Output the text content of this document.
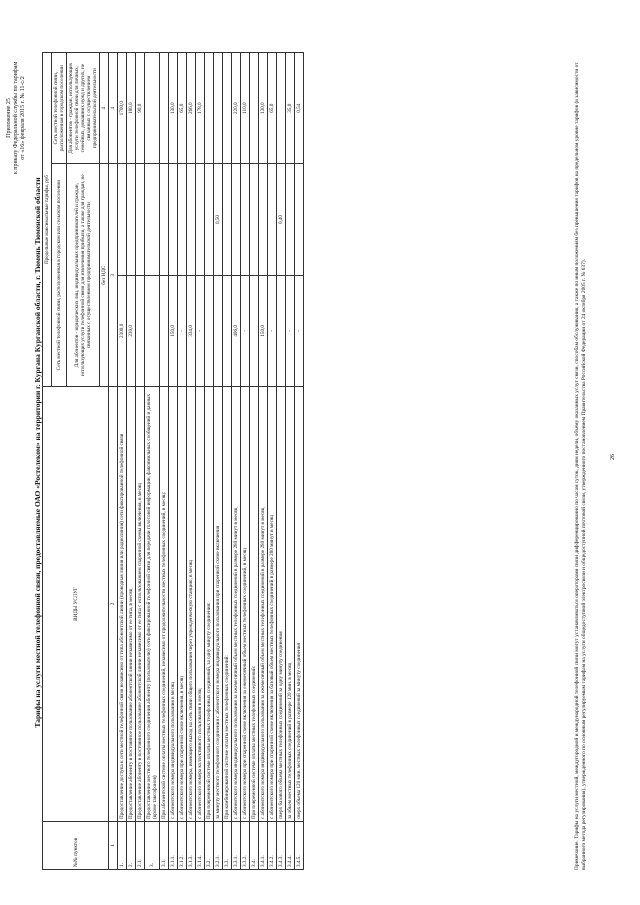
Приложение 25 к приказу Федеральной службы по тарифам от «16» февраля 2015 г. № 11-с/2
Тарифы на услуги местной телефонной связи, предоставляемые ОАО «Ростелеком» на территории г. Кургана Курганской области, г. Тюмень Тюменской области
№№ пунктов	ВИДЫ УСЛУГ	Предельные максимальные тарифы, руб		
		Сеть местной телефонной связи, расположенная в городском или сельском поселении		Сеть местной телефонной связи, расположенная в городском поселении
		Для абонентов - юридических лиц, индивидуальных предпринимателей и граждан, использующих услуги телефонной связи для извлечения прибыли, а также для граждан, не связанных с осуществлением предпринимательской деятельности		Для абонентов - граждан, использующих услуги телефонной связи для личных, семейных, домашних нужд и других, не связанных с осуществлением предпринимательской деятельности
		без НДС		4
1	2	3		4
1.	Предоставление доступа к сети местной телефонной связи независимо от типа абонентской линии (проводная линия или радиолиния) сети фиксированной телефонной связи	2300,0		1700,0
2.	Предоставление абоненту в постоянное пользование абонентской линии независимо от ее типа, в месяц	230,0		180,0
2.1.	Предоставление абоненту в постоянное пользование абонентской линии независимо от ее типа с использованием спаренной схемы включения, в месяц			90,0
3.	Предоставление местного телефонного соединения абоненту (пользователю) сети фиксированной телефонной связи для передачи голосовой информации, факсимильных сообщений и данных (кроме таксофонов)			
3.1.	При абонентской системе оплаты местных телефонных соединений, независимо от продолжительности местных телефонных соединений, в месяц:			
3.1.1.	с абонентского номера индивидуального пользования в месяц	150,0		130,0
3.1.2.	с абонентского номера при спаренной схеме включения, в месяц	-		65,0
3.1.3.	с абонентского номера, имеющего выход на сеть связи общего пользования через учрежденческую станцию, в месяц	334,0		266,0
3.1.4.	с абонентского номера коллективного пользования в месяц	-		178,0
3.2.	При повременной системе оплаты местных телефонных соединений, за одну минуту соединения:			
3.2.1.	за минуту местного телефонного соединения с абонентского номера индивидуального пользования при спаренной схеме включения		0,50	
3.3.	При комбинированной системе оплаты местных телефонных соединений:			
3.3.1.	с абонентского номера индивидуального пользования за ежемесячный объем местных телефонных соединений в размере 280 минут в месяц	406,0		220,0
3.3.2.	с абонентского номера при спаренной схеме включения за ежемесячный объем местных телефонных соединений, в месяц	-		110,0
3.4.	При повременной системе оплаты местных телефонных соединений:			
3.4.1.	с абонентского номера индивидуального пользования за ежемесячный объем местных телефонных соединений в размере 280 минут в месяц	150,0		130,0
3.4.2.	с абонентского номера при спаренной схеме включения за базовый объем местных телефонных соединений в размере 280 минут в месяц	-		65,0
3.4.3.	сверх базового объема местных телефонных соединений за одну минуту соединения		0,40	
3.4.4.	за объем местных телефонных соединений в размере 120 мин. в месяц	-		35,0
3.4.5.	сверх объема 120 мин. местных телефонных соединений за минуту соединения	-		0,54	Примечание. Тарифы на услуги местной, междугородной и международной телефонной связи могут устанавливаться операторами связи дифференцированно по часам суток, дням недели, объему оказанных услуг связи, способам обслуживания, а также по иным положениям без превышения тарифов на предельном уровне тарифов (в зависимости от выбранного метода регулирования), утвержденного по основным регулируемым тарифам на услуги общедоступной электросвязи и общедоступной почтовой связи, утвержденного постановлением Правительства Российской Федерации от 24 октября 2005 г. № 637).	26
